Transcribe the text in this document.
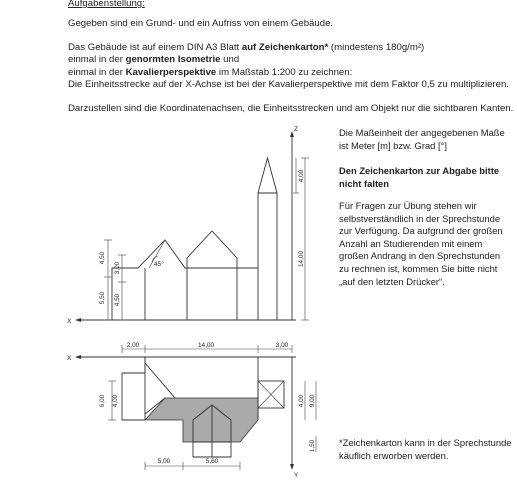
Aufgabenstellung:
Gegeben sind ein Grund- und ein Aufriss von einem Gebäude.
Das Gebäude ist auf einem DIN A3 Blatt auf Zeichenkarton* (mindestens 180g/m²)
einmal in der genormten Isometrie und
einmal in der Kavalierperspektive im Maßstab 1:200 zu zeichnen:
Die Einheitsstrecke auf der X-Achse ist bei der Kavalierperspektive mit dem Faktor 0,5 zu multiplizieren.
Darzustellen sind die Koordinatenachsen, die Einheitsstrecken und am Objekt nur die sichtbaren Kanten.
Die Maßeinheit der angegebenen Maße
ist Meter [m] bzw. Grad [°]
Den Zeichenkarton zur Abgabe bitte
nicht falten
Für Fragen zur Übung stehen wir
selbstverständlich in der Sprechstunde
zur Verfügung. Da aufgrund der großen
Anzahl an Studierenden mit einem
großen Andrang in den Sprechstunden
zu rechnen ist, kommen Sie bitte nicht
„auf den letzten Drücker“.
*Zeichenkarton kann in der Sprechstunde
käuflich erworben werden.
Z
X
45°
4,50
3,00
5,50 4,50
14,00
4,00
X
Y
2,00	14,00	3,00
6,00 4,00	4,00 9,00
1,50
5,00	5,60
